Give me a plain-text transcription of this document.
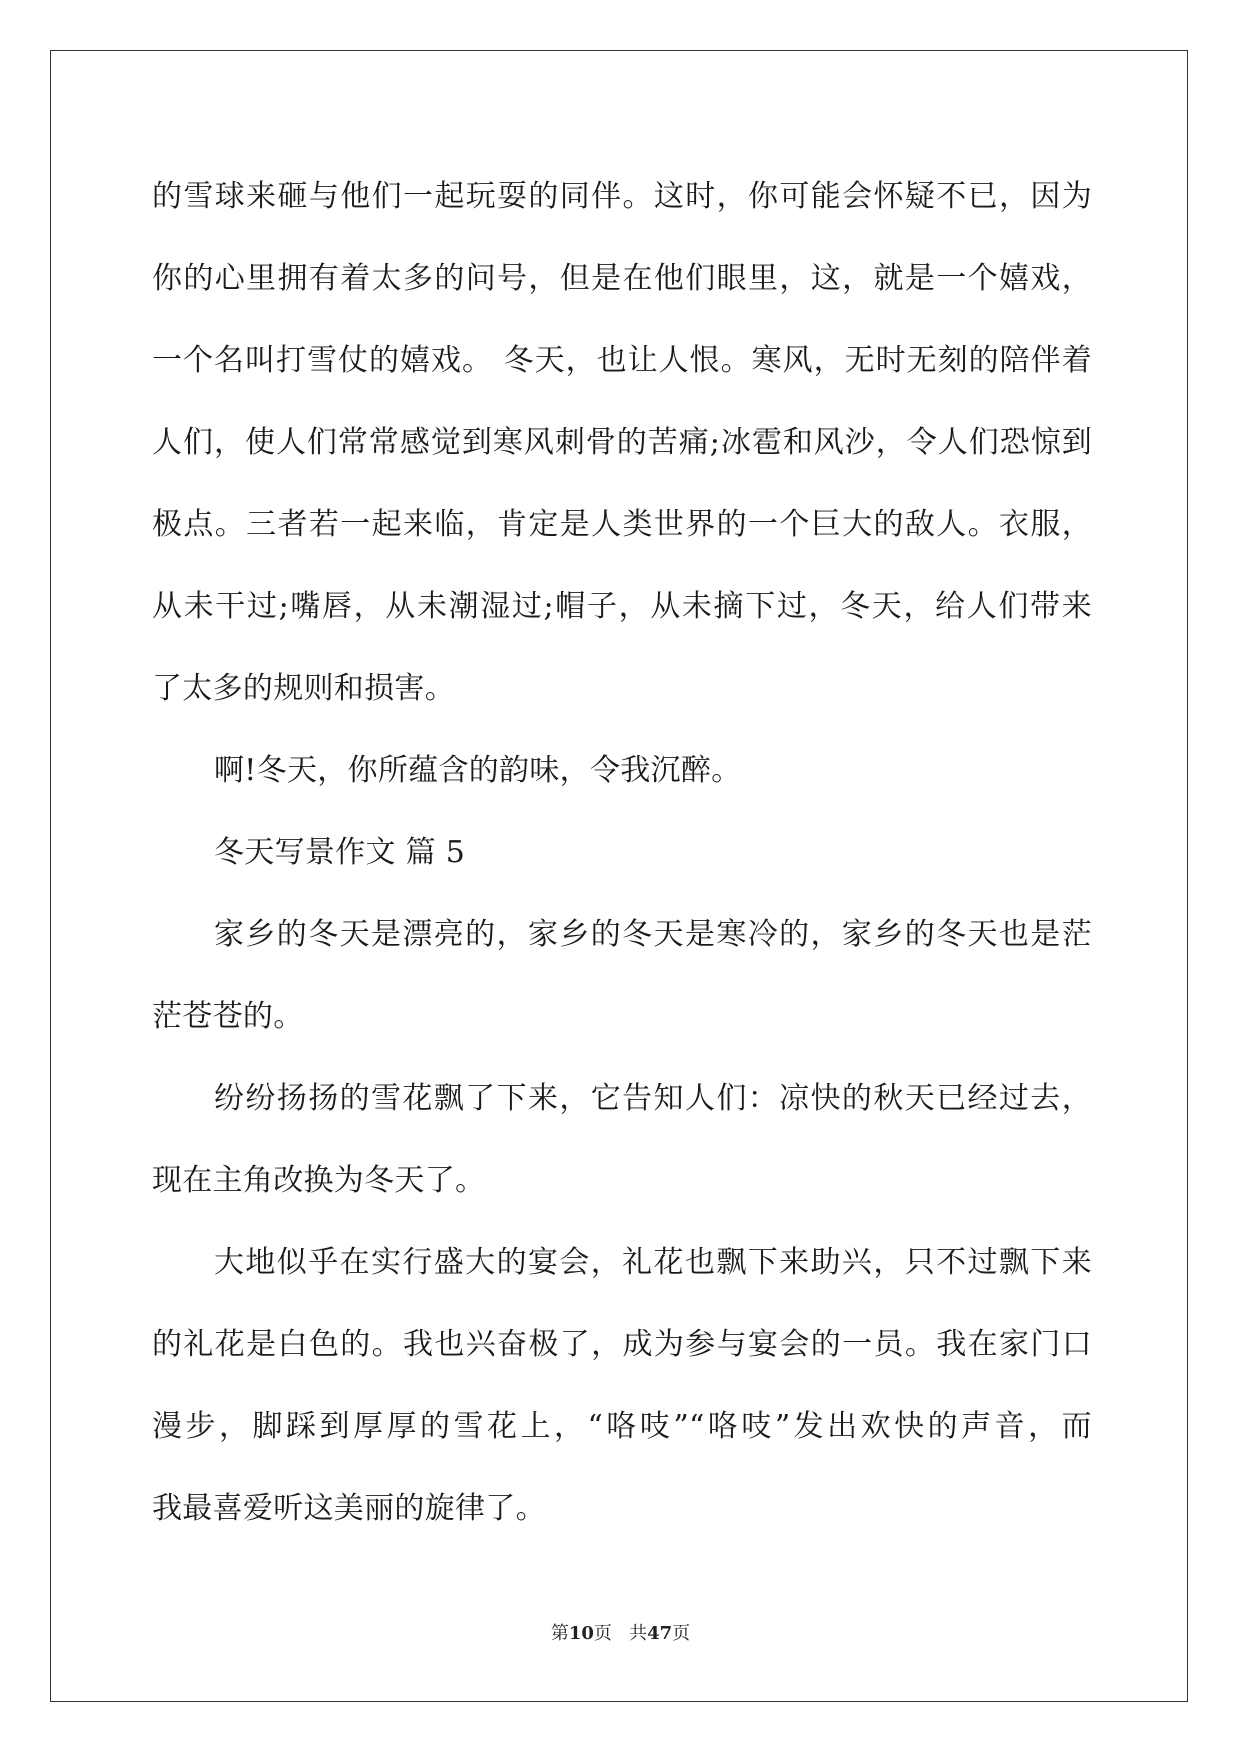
的雪球来砸与他们一起玩耍的同伴。这时，你可能会怀疑不已，因为
你的心里拥有着太多的问号，但是在他们眼里，这，就是一个嬉戏，
一个名叫打雪仗的嬉戏。 冬天，也让人恨。寒风，无时无刻的陪伴着
人们，使人们常常感觉到寒风刺骨的苦痛;冰雹和风沙，令人们恐惊到
极点。三者若一起来临，肯定是人类世界的一个巨大的敌人。衣服，
从未干过;嘴唇，从未潮湿过;帽子，从未摘下过，冬天，给人们带来
了太多的规则和损害。
啊!冬天，你所蕴含的韵味，令我沉醉。
冬天写景作文 篇 5
家乡的冬天是漂亮的，家乡的冬天是寒冷的，家乡的冬天也是茫
茫苍苍的。
纷纷扬扬的雪花飘了下来，它告知人们：凉快的秋天已经过去，
现在主角改换为冬天了。
大地似乎在实行盛大的宴会，礼花也飘下来助兴，只不过飘下来
的礼花是白色的。我也兴奋极了，成为参与宴会的一员。我在家门口
漫步，脚踩到厚厚的雪花上，“咯吱”“咯吱”发出欢快的声音，而
我最喜爱听这美丽的旋律了。
第10页 共47页
